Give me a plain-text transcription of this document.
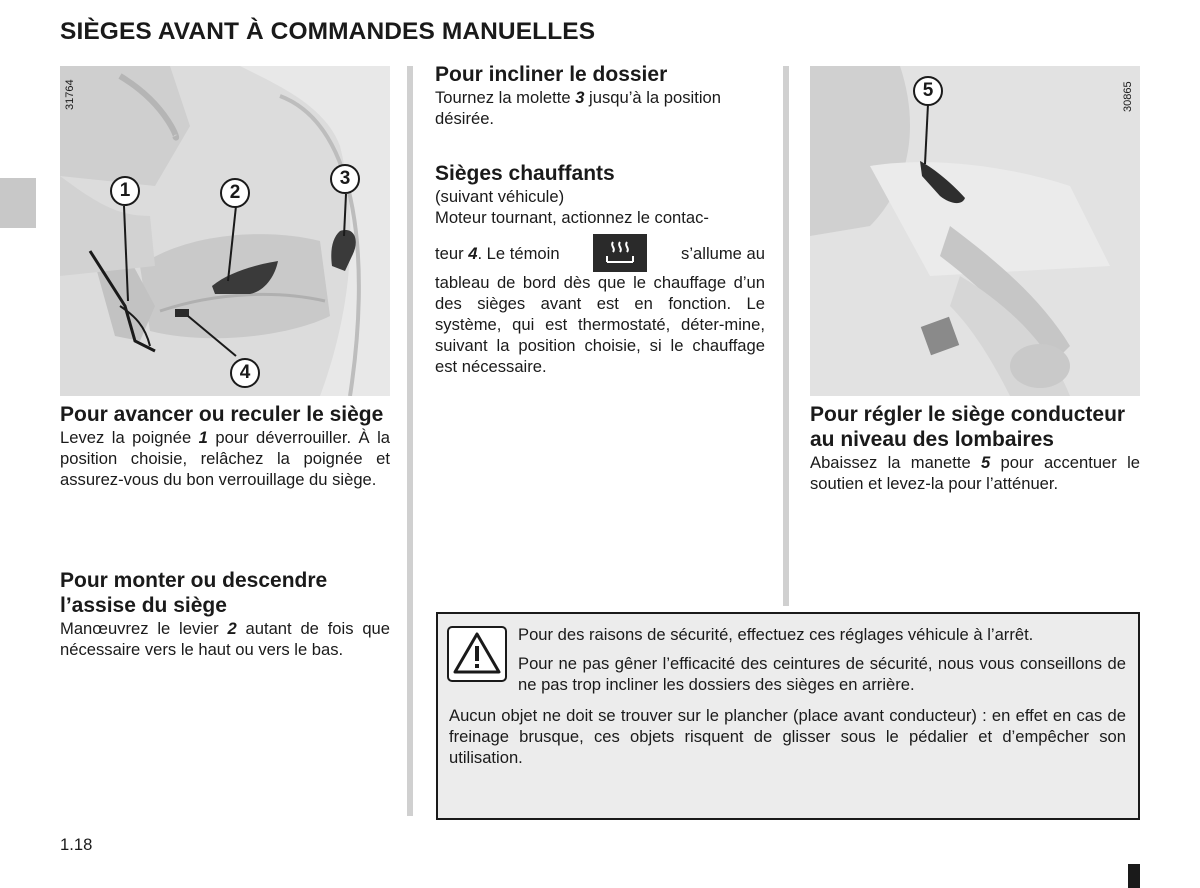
SIÈGES AVANT À COMMANDES MANUELLES
31764
1	2
3
4
Pour avancer ou reculer le siège
Levez la poignée 1 pour déverrouiller. À la position choisie, relâchez la poignée et assurez-vous du bon verrouillage du siège.
Pour monter ou descendre l’assise du siège
Manœuvrez le levier 2 autant de fois que nécessaire vers le haut ou vers le bas.
Pour incliner le dossier
Tournez la molette 3 jusqu’à la position désirée.
Sièges chauffants
(suivant véhicule)
Moteur tournant, actionnez le contac-
teur 4. Le témoin	s’allume au
tableau de bord dès que le chauffage d’un des sièges avant est en fonction. Le système, qui est thermostaté, déter-mine, suivant la position choisie, si le chauffage est nécessaire.
30865
5
Pour régler le siège conducteur au niveau des lombaires
Abaissez la manette 5 pour accentuer le soutien et levez-la pour l’atténuer.
Pour des raisons de sécurité, effectuez ces réglages véhicule à l’arrêt.
Pour ne pas gêner l’efficacité des ceintures de sécurité, nous vous conseillons de ne pas trop incliner les dossiers des sièges en arrière.
Aucun objet ne doit se trouver sur le plancher (place avant conducteur) : en effet en cas de freinage brusque, ces objets risquent de glisser sous le pédalier et d’empêcher son utilisation.
1.18
